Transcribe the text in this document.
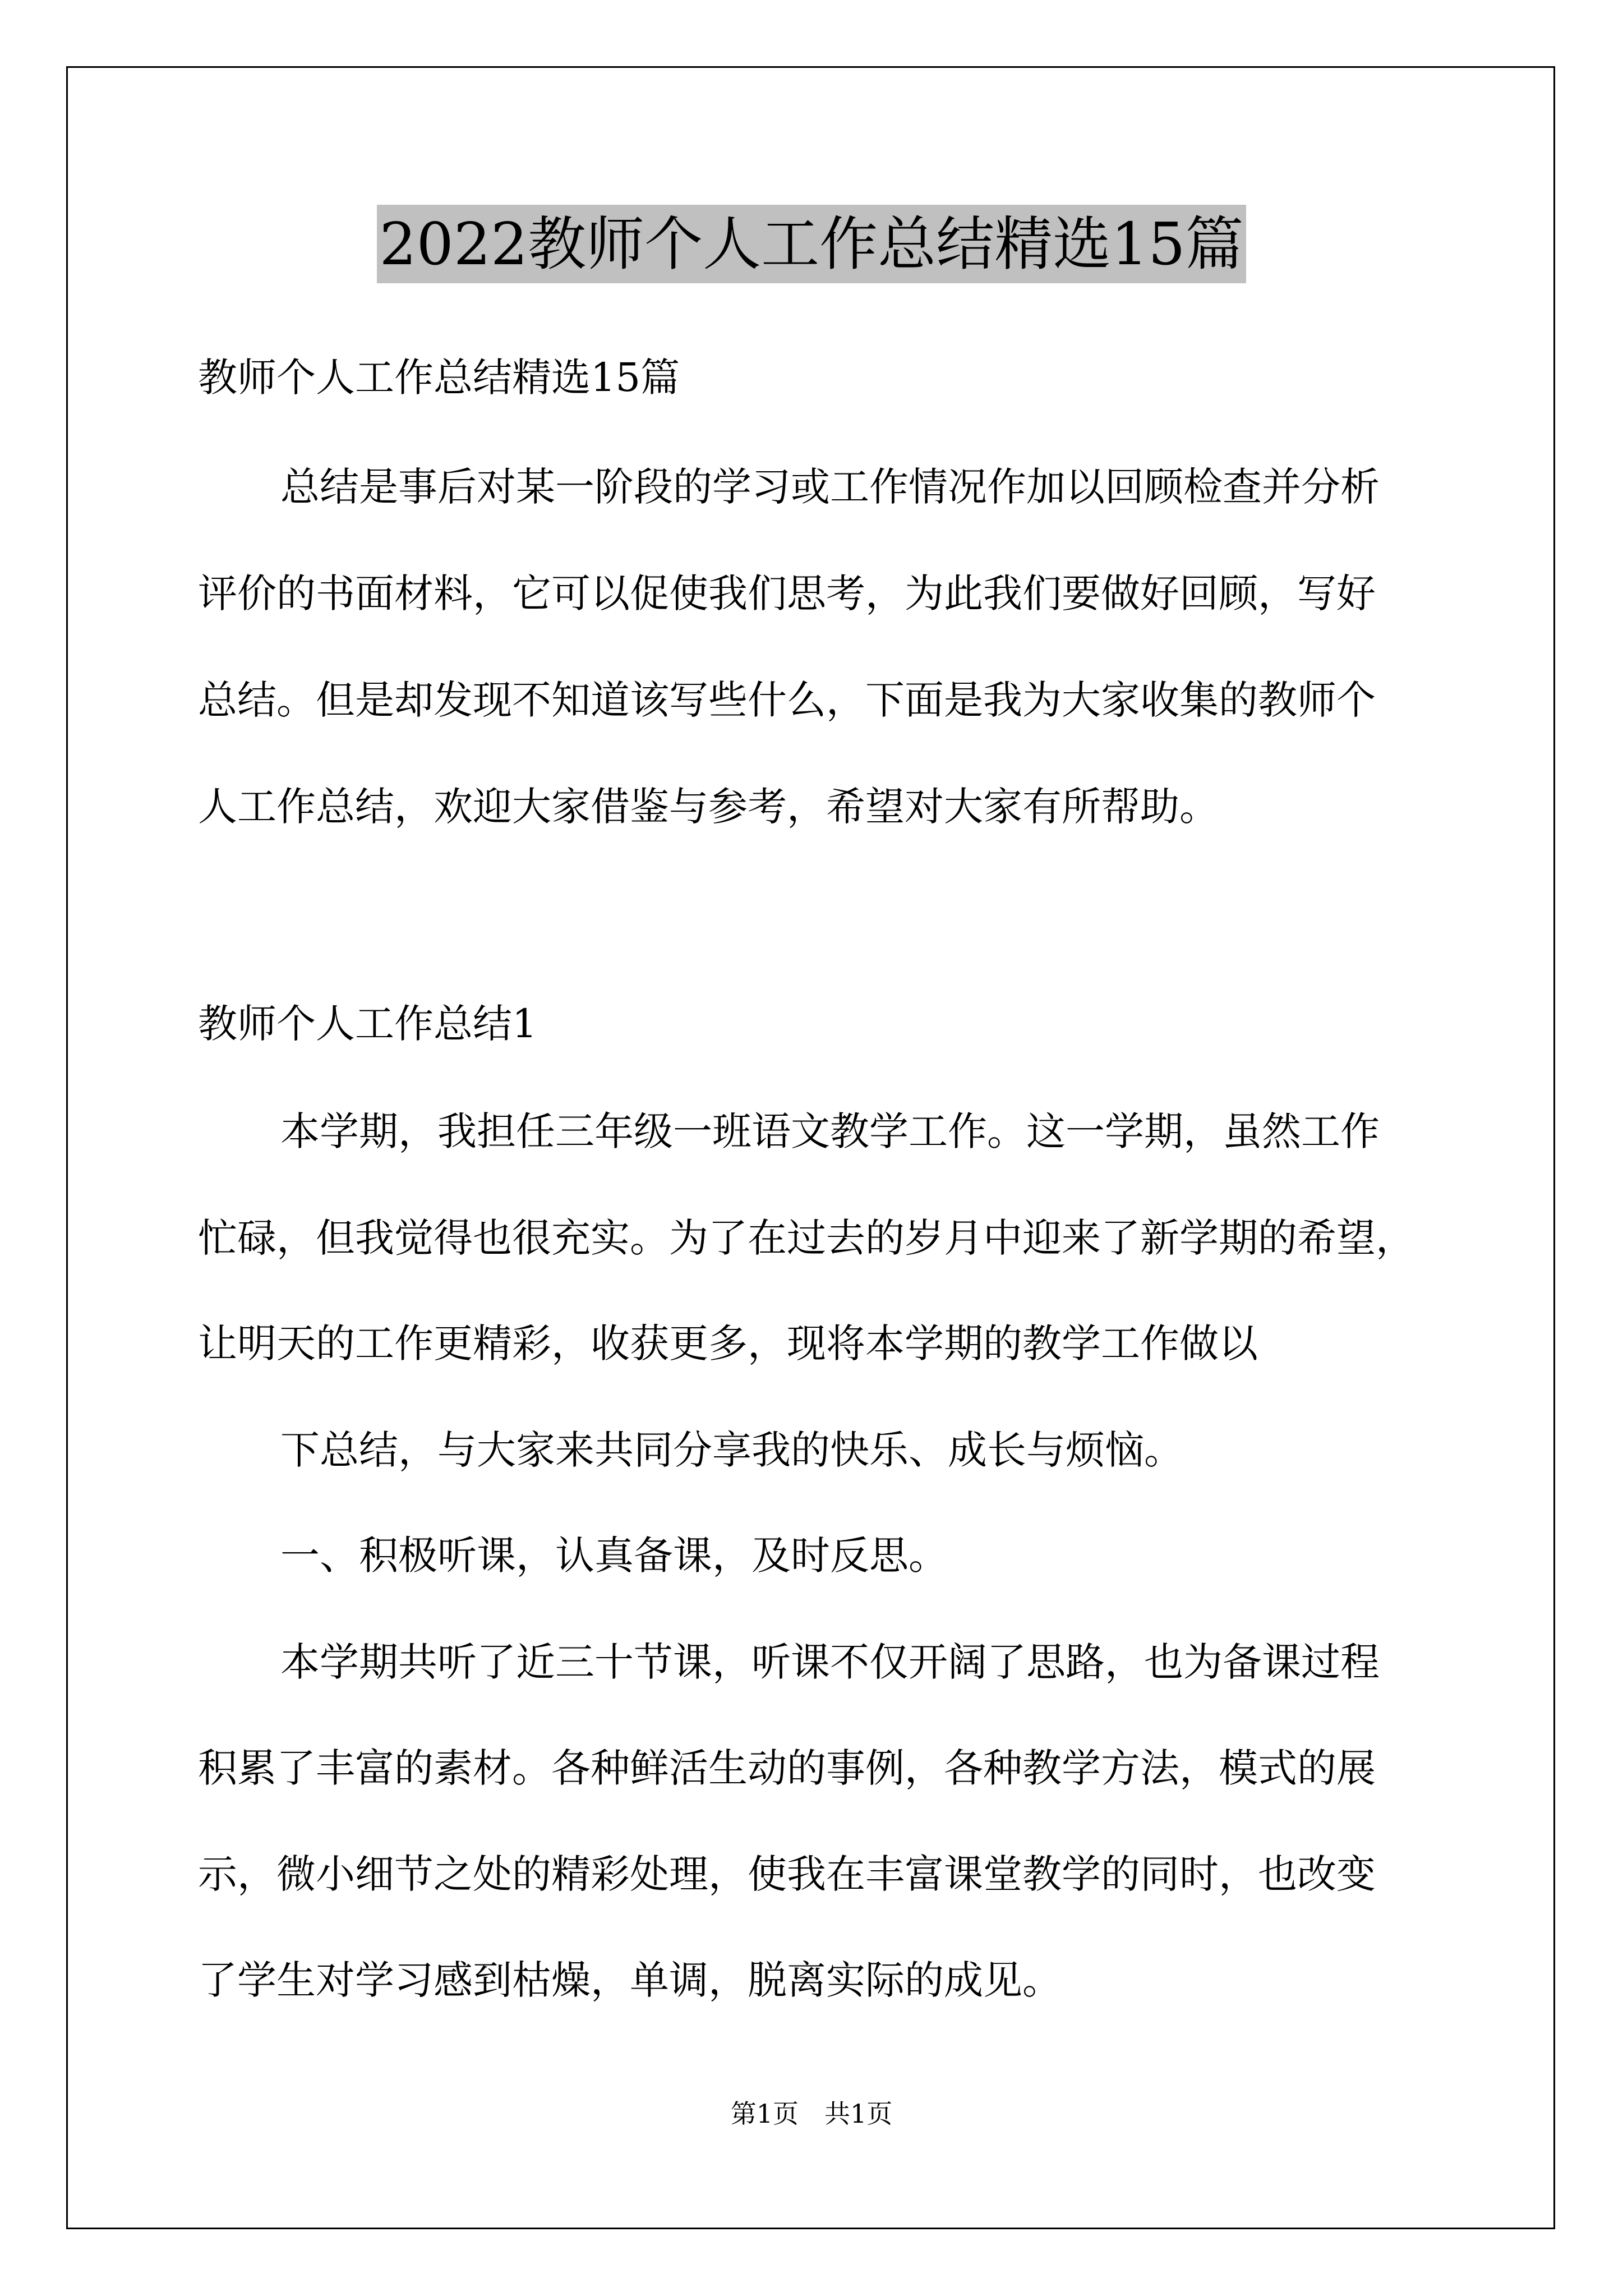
2022教师个人工作总结精选15篇
教师个人工作总结精选15篇
总结是事后对某一阶段的学习或工作情况作加以回顾检查并分析
评价的书面材料，它可以促使我们思考，为此我们要做好回顾，写好
总结。但是却发现不知道该写些什么，下面是我为大家收集的教师个
人工作总结，欢迎大家借鉴与参考，希望对大家有所帮助。
教师个人工作总结1
本学期，我担任三年级一班语文教学工作。这一学期，虽然工作
忙碌，但我觉得也很充实。为了在过去的岁月中迎来了新学期的希望，
让明天的工作更精彩，收获更多，现将本学期的教学工作做以
下总结，与大家来共同分享我的快乐、成长与烦恼。
一、积极听课，认真备课，及时反思。
本学期共听了近三十节课，听课不仅开阔了思路，也为备课过程
积累了丰富的素材。各种鲜活生动的事例，各种教学方法，模式的展
示，微小细节之处的精彩处理，使我在丰富课堂教学的同时，也改变
了学生对学习感到枯燥，单调，脱离实际的成见。
第1页 共1页
